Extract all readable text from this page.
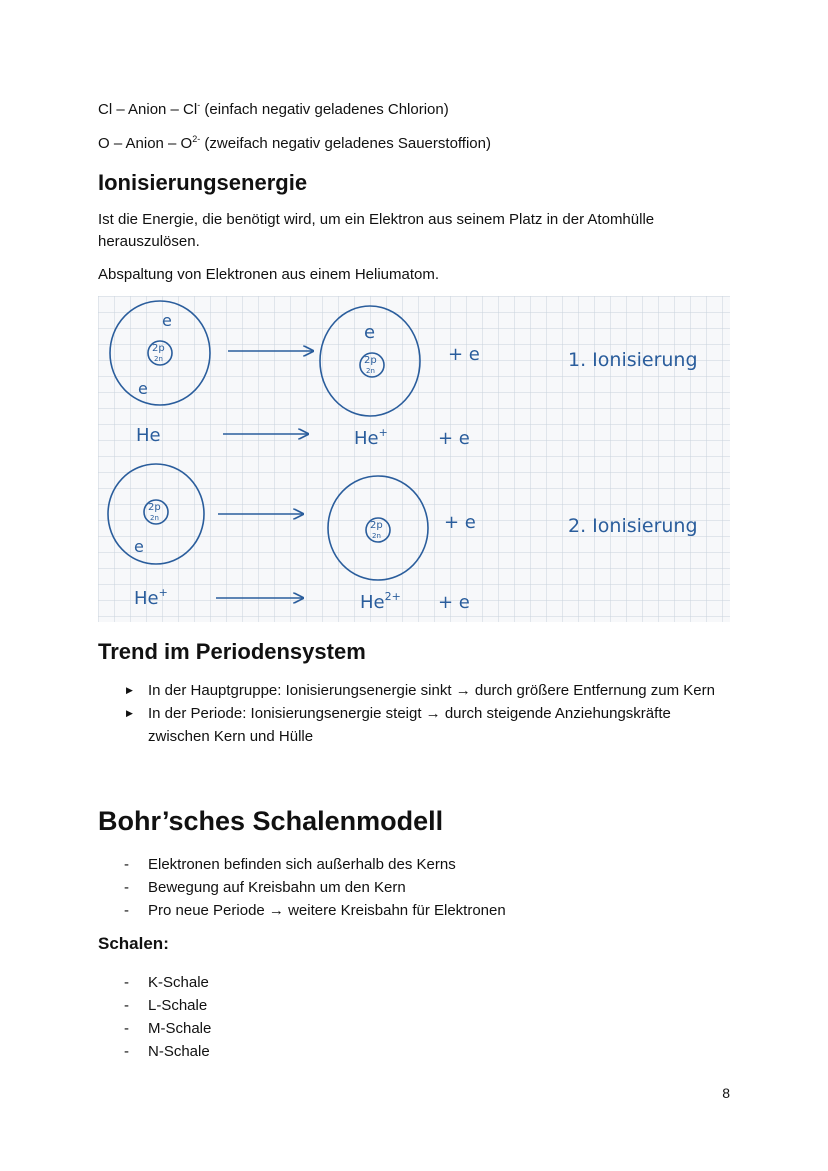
Cl – Anion – Cl- (einfach negativ geladenes Chlorion)
O – Anion – $O^{2-}$ (zweifach negativ geladenes Sauerstoffion)
Ionisierungsenergie
Ist die Energie, die benötigt wird, um ein Elektron aus seinem Platz in der Atomhülle herauszulösen.
Abspaltung von Elektronen aus einem Heliumatom.
2p
2n
e
e
2p
2n
e
+ e	1. Ionisierung
He	He+	+ e
2p
2n
e
2p
2n
+ e	2. Ionisierung
He+	$He^{2+} + e$
Trend im Periodensystem
▶ In der Hauptgruppe: Ionisierungsenergie sinkt → durch größere Entfernung zum Kern
▶ In der Periode: Ionisierungsenergie steigt → durch steigende Anziehungskräfte zwischen Kern und Hülle
Bohr’sches Schalenmodell
- Elektronen befinden sich außerhalb des Kerns
- Bewegung auf Kreisbahn um den Kern
- Pro neue Periode → weitere Kreisbahn für Elektronen
Schalen:
- K-Schale
- L-Schale
- M-Schale
- N-Schale
8
